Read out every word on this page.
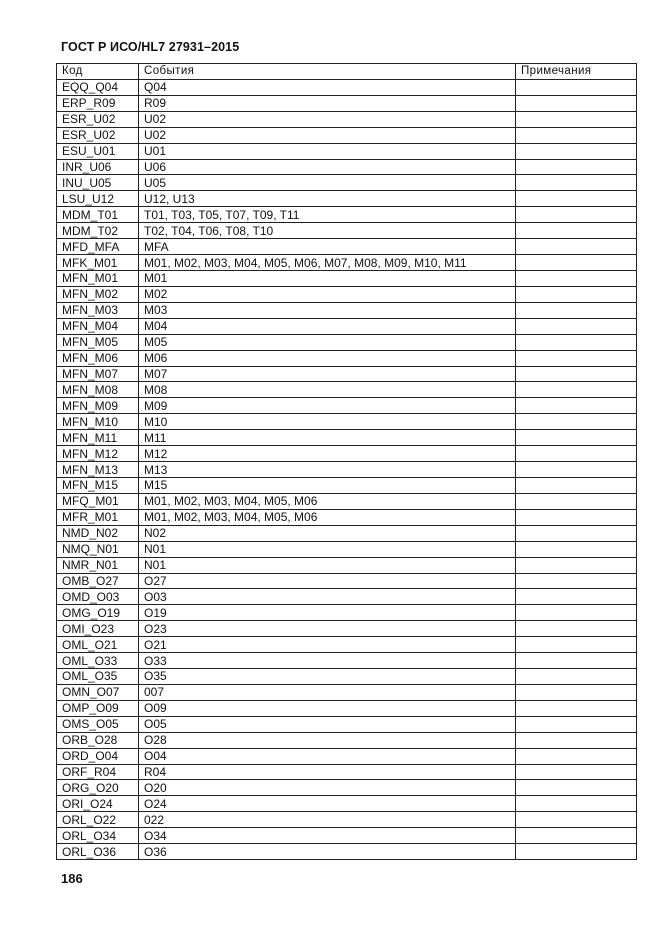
ГОСТ Р ИСО/HL7 27931–2015
Код	События	Примечания
EQQ_Q04	Q04	
ERP_R09	R09	
ESR_U02	U02	
ESR_U02	U02	
ESU_U01	U01	
INR_U06	U06	
INU_U05	U05	
LSU_U12	U12, U13	
MDM_T01	T01, T03, T05, T07, T09, T11	
MDM_T02	T02, T04, T06, T08, T10	
MFD_MFA	MFA	
MFK_M01	M01, M02, M03, M04, M05, M06, M07, M08, M09, M10, M11	
MFN_M01	M01	
MFN_M02	M02	
MFN_M03	M03	
MFN_M04	M04	
MFN_M05	M05	
MFN_M06	M06	
MFN_M07	M07	
MFN_M08	M08	
MFN_M09	M09	
MFN_M10	M10	
MFN_M11	M11	
MFN_M12	M12	
MFN_M13	M13	
MFN_M15	M15	
MFQ_M01	M01, M02, M03, M04, M05, M06	
MFR_M01	M01, M02, M03, M04, M05, M06	
NMD_N02	N02	
NMQ_N01	N01	
NMR_N01	N01	
OMB_O27	O27	
OMD_O03	O03	
OMG_O19	O19	
OMI_O23	O23	
OML_O21	O21	
OML_O33	O33	
OML_O35	O35	
OMN_O07	007	
OMP_O09	O09	
OMS_O05	O05	
ORB_O28	O28	
ORD_O04	O04	
ORF_R04	R04	
ORG_O20	O20	
ORI_O24	O24	
ORL_O22	022	
ORL_O34	O34	
ORL_O36	O36	
186
